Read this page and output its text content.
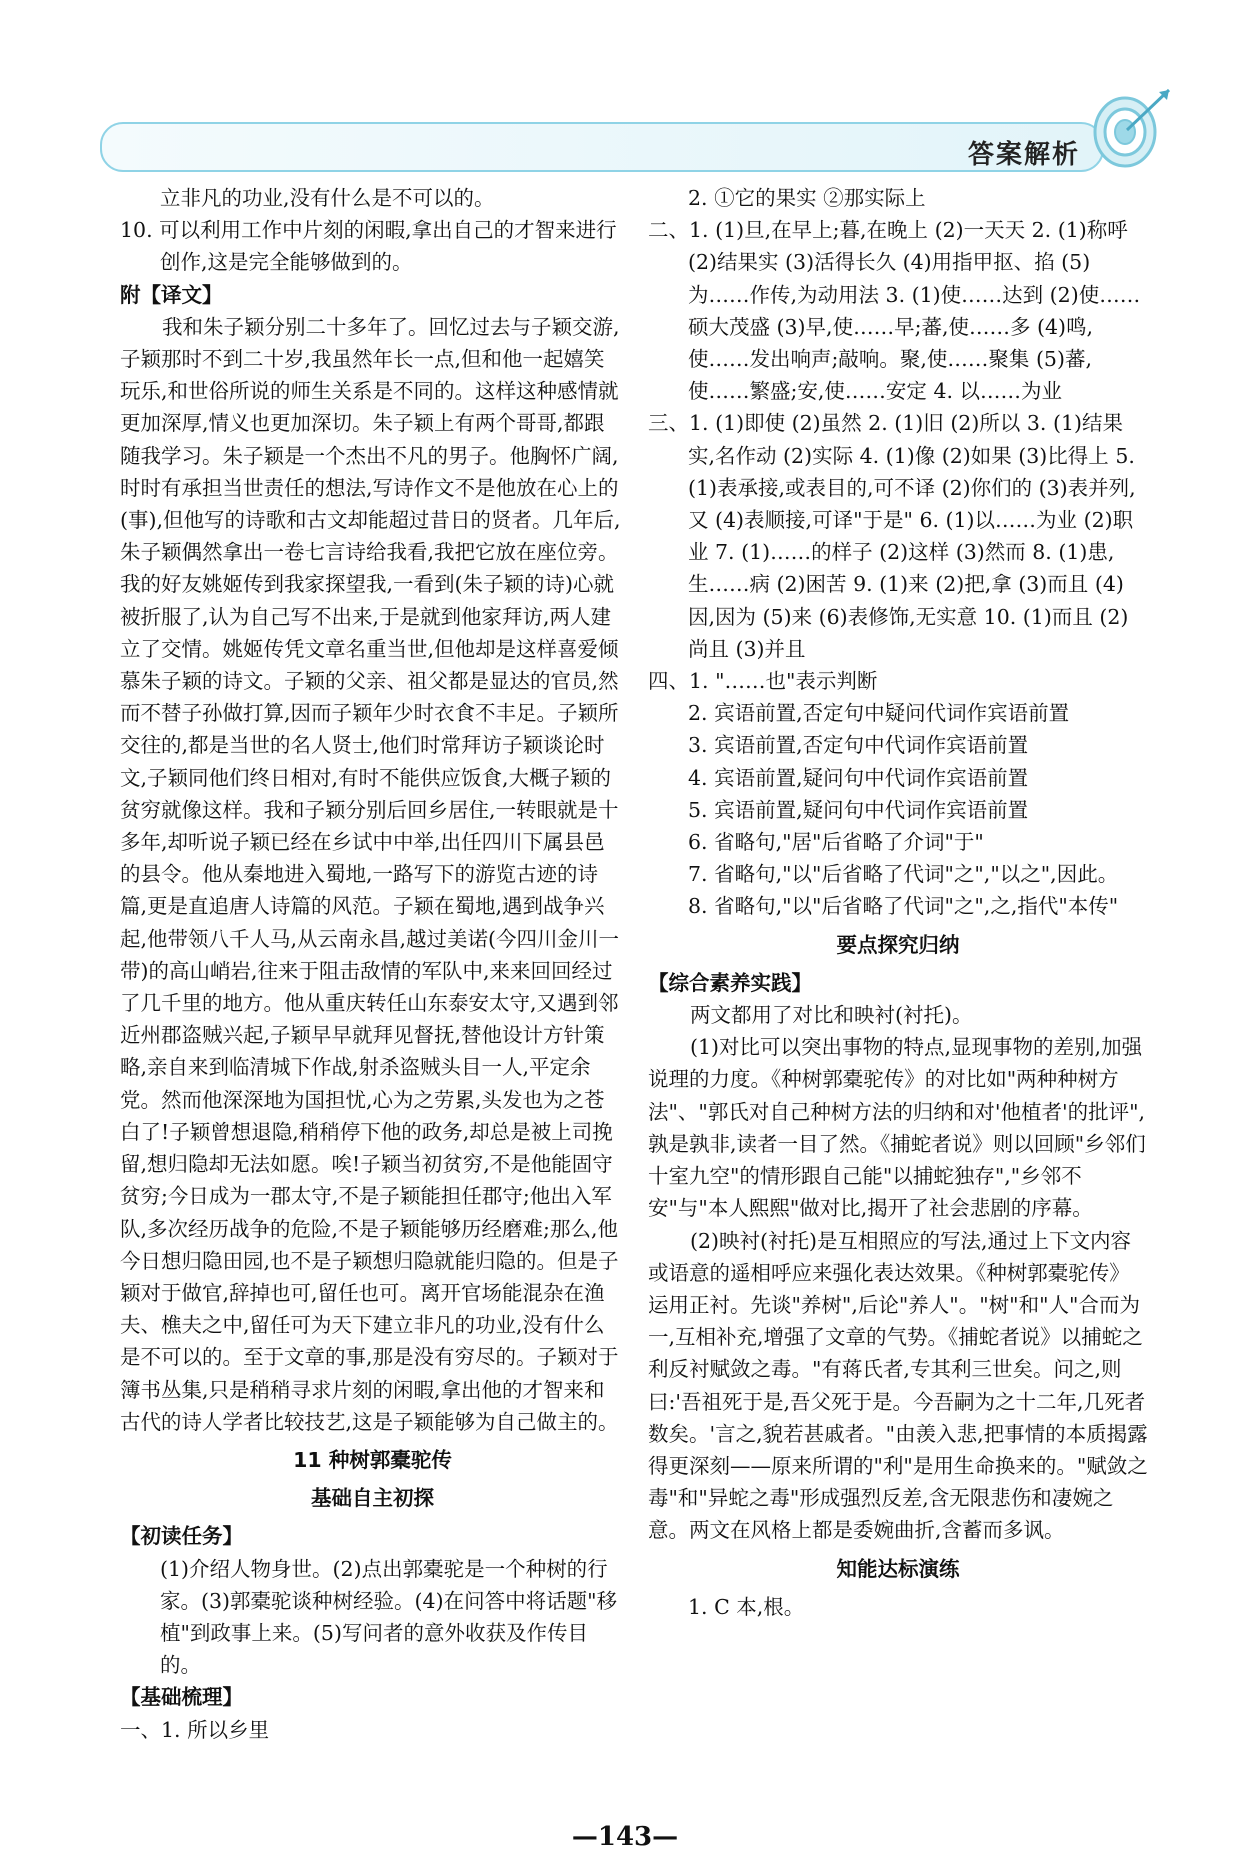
答案解析

立非凡的功业,没有什么是不可以的。

10. 可以利用工作中片刻的闲暇,拿出自己的才智来进行创作,这是完全能够做到的。

附【译文】

我和朱子颖分别二十多年了。回忆过去与子颖交游,子颖那时不到二十岁,我虽然年长一点,但和他一起嬉笑玩乐,和世俗所说的师生关系是不同的。这样这种感情就更加深厚,情义也更加深切。朱子颖上有两个哥哥,都跟随我学习。朱子颖是一个杰出不凡的男子。他胸怀广阔,时时有承担当世责任的想法,写诗作文不是他放在心上的(事),但他写的诗歌和古文却能超过昔日的贤者。几年后,朱子颖偶然拿出一卷七言诗给我看,我把它放在座位旁。我的好友姚姬传到我家探望我,一看到(朱子颖的诗)心就被折服了,认为自己写不出来,于是就到他家拜访,两人建立了交情。姚姬传凭文章名重当世,但他却是这样喜爱倾慕朱子颖的诗文。子颖的父亲、祖父都是显达的官员,然而不替子孙做打算,因而子颖年少时衣食不丰足。子颖所交往的,都是当世的名人贤士,他们时常拜访子颖谈论时文,子颖同他们终日相对,有时不能供应饭食,大概子颖的贫穷就像这样。我和子颖分别后回乡居住,一转眼就是十多年,却听说子颖已经在乡试中中举,出任四川下属县邑的县令。他从秦地进入蜀地,一路写下的游览古迹的诗篇,更是直追唐人诗篇的风范。子颖在蜀地,遇到战争兴起,他带领八千人马,从云南永昌,越过美诺(今四川金川一带)的高山峭岩,往来于阻击敌情的军队中,来来回回经过了几千里的地方。他从重庆转任山东泰安太守,又遇到邻近州郡盗贼兴起,子颖早早就拜见督抚,替他设计方针策略,亲自来到临清城下作战,射杀盗贼头目一人,平定余党。然而他深深地为国担忧,心为之劳累,头发也为之苍白了!子颖曾想退隐,稍稍停下他的政务,却总是被上司挽留,想归隐却无法如愿。唉!子颖当初贫穷,不是他能固守贫穷;今日成为一郡太守,不是子颖能担任郡守;他出入军队,多次经历战争的危险,不是子颖能够历经磨难;那么,他今日想归隐田园,也不是子颖想归隐就能归隐的。但是子颖对于做官,辞掉也可,留任也可。离开官场能混杂在渔夫、樵夫之中,留任可为天下建立非凡的功业,没有什么是不可以的。至于文章的事,那是没有穷尽的。子颖对于簿书丛集,只是稍稍寻求片刻的闲暇,拿出他的才智来和古代的诗人学者比较技艺,这是子颖能够为自己做主的。

11 种树郭橐驼传

基础自主初探

【初读任务】

(1)介绍人物身世。(2)点出郭橐驼是一个种树的行家。(3)郭橐驼谈种树经验。(4)在问答中将话题"移植"到政事上来。(5)写问者的意外收获及作传目的。

【基础梳理】

一、1. 所以乡里

2. ①它的果实 ②那实际上

二、1. (1)旦,在早上;暮,在晚上 (2)一天天 2. (1)称呼 (2)结果实 (3)活得长久 (4)用指甲抠、掐 (5)为……作传,为动用法 3. (1)使……达到 (2)使……硕大茂盛 (3)早,使……早;蕃,使……多 (4)鸣,使……发出响声;敲响。聚,使……聚集 (5)蕃,使……繁盛;安,使……安定 4. 以……为业

三、1. (1)即使 (2)虽然 2. (1)旧 (2)所以 3. (1)结果实,名作动 (2)实际 4. (1)像 (2)如果 (3)比得上 5. (1)表承接,或表目的,可不译 (2)你们的 (3)表并列,又 (4)表顺接,可译"于是" 6. (1)以……为业 (2)职业 7. (1)……的样子 (2)这样 (3)然而 8. (1)患,生……病 (2)困苦 9. (1)来 (2)把,拿 (3)而且 (4)因,因为 (5)来 (6)表修饰,无实意 10. (1)而且 (2)尚且 (3)并且

四、1. "……也"表示判断

2. 宾语前置,否定句中疑问代词作宾语前置

3. 宾语前置,否定句中代词作宾语前置

4. 宾语前置,疑问句中代词作宾语前置

5. 宾语前置,疑问句中代词作宾语前置

6. 省略句,"居"后省略了介词"于"

7. 省略句,"以"后省略了代词"之","以之",因此。

8. 省略句,"以"后省略了代词"之",之,指代"本传"

要点探究归纳

【综合素养实践】

两文都用了对比和映衬(衬托)。

(1)对比可以突出事物的特点,显现事物的差别,加强说理的力度。《种树郭橐驼传》的对比如"两种种树方法"、"郭氏对自己种树方法的归纳和对'他植者'的批评",孰是孰非,读者一目了然。《捕蛇者说》则以回顾"乡邻们十室九空"的情形跟自己能"以捕蛇独存","乡邻不安"与"本人熙熙"做对比,揭开了社会悲剧的序幕。

(2)映衬(衬托)是互相照应的写法,通过上下文内容或语意的遥相呼应来强化表达效果。《种树郭橐驼传》运用正衬。先谈"养树",后论"养人"。"树"和"人"合而为一,互相补充,增强了文章的气势。《捕蛇者说》以捕蛇之利反衬赋敛之毒。"有蒋氏者,专其利三世矣。问之,则曰:'吾祖死于是,吾父死于是。今吾嗣为之十二年,几死者数矣。'言之,貌若甚戚者。"由羡入悲,把事情的本质揭露得更深刻——原来所谓的"利"是用生命换来的。"赋敛之毒"和"异蛇之毒"形成强烈反差,含无限悲伤和凄婉之意。两文在风格上都是委婉曲折,含蓄而多讽。

知能达标演练

1. C 本,根。

—143—
